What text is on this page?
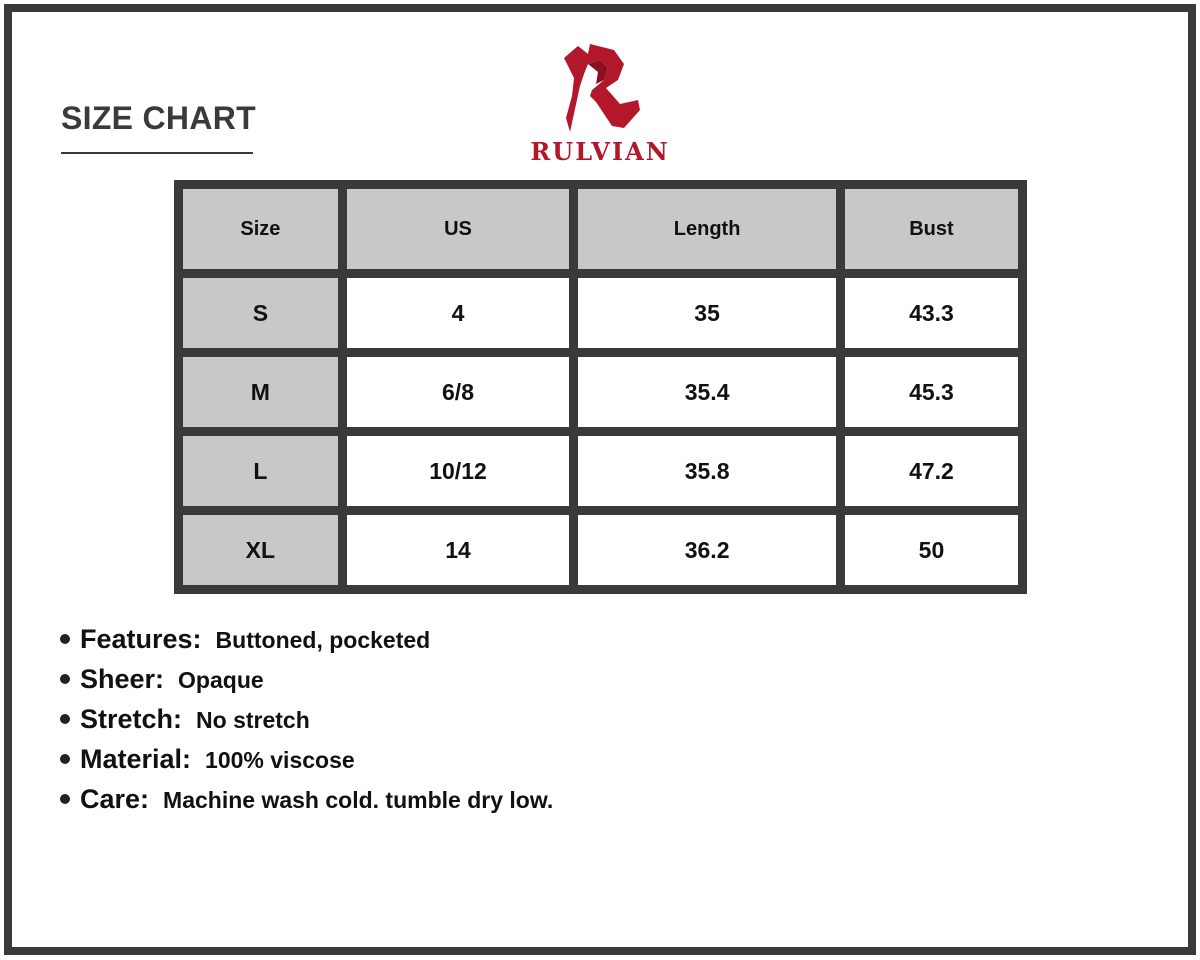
SIZE CHART
RULVIAN
Size	US	Length	Bust
S	4	35	43.3
M	6/8	35.4	45.3
L	10/12	35.8	47.2
XL	14	36.2	50
Features: Buttoned, pocketed
Sheer: Opaque
Stretch: No stretch
Material: 100% viscose
Care: Machine wash cold. tumble dry low.
